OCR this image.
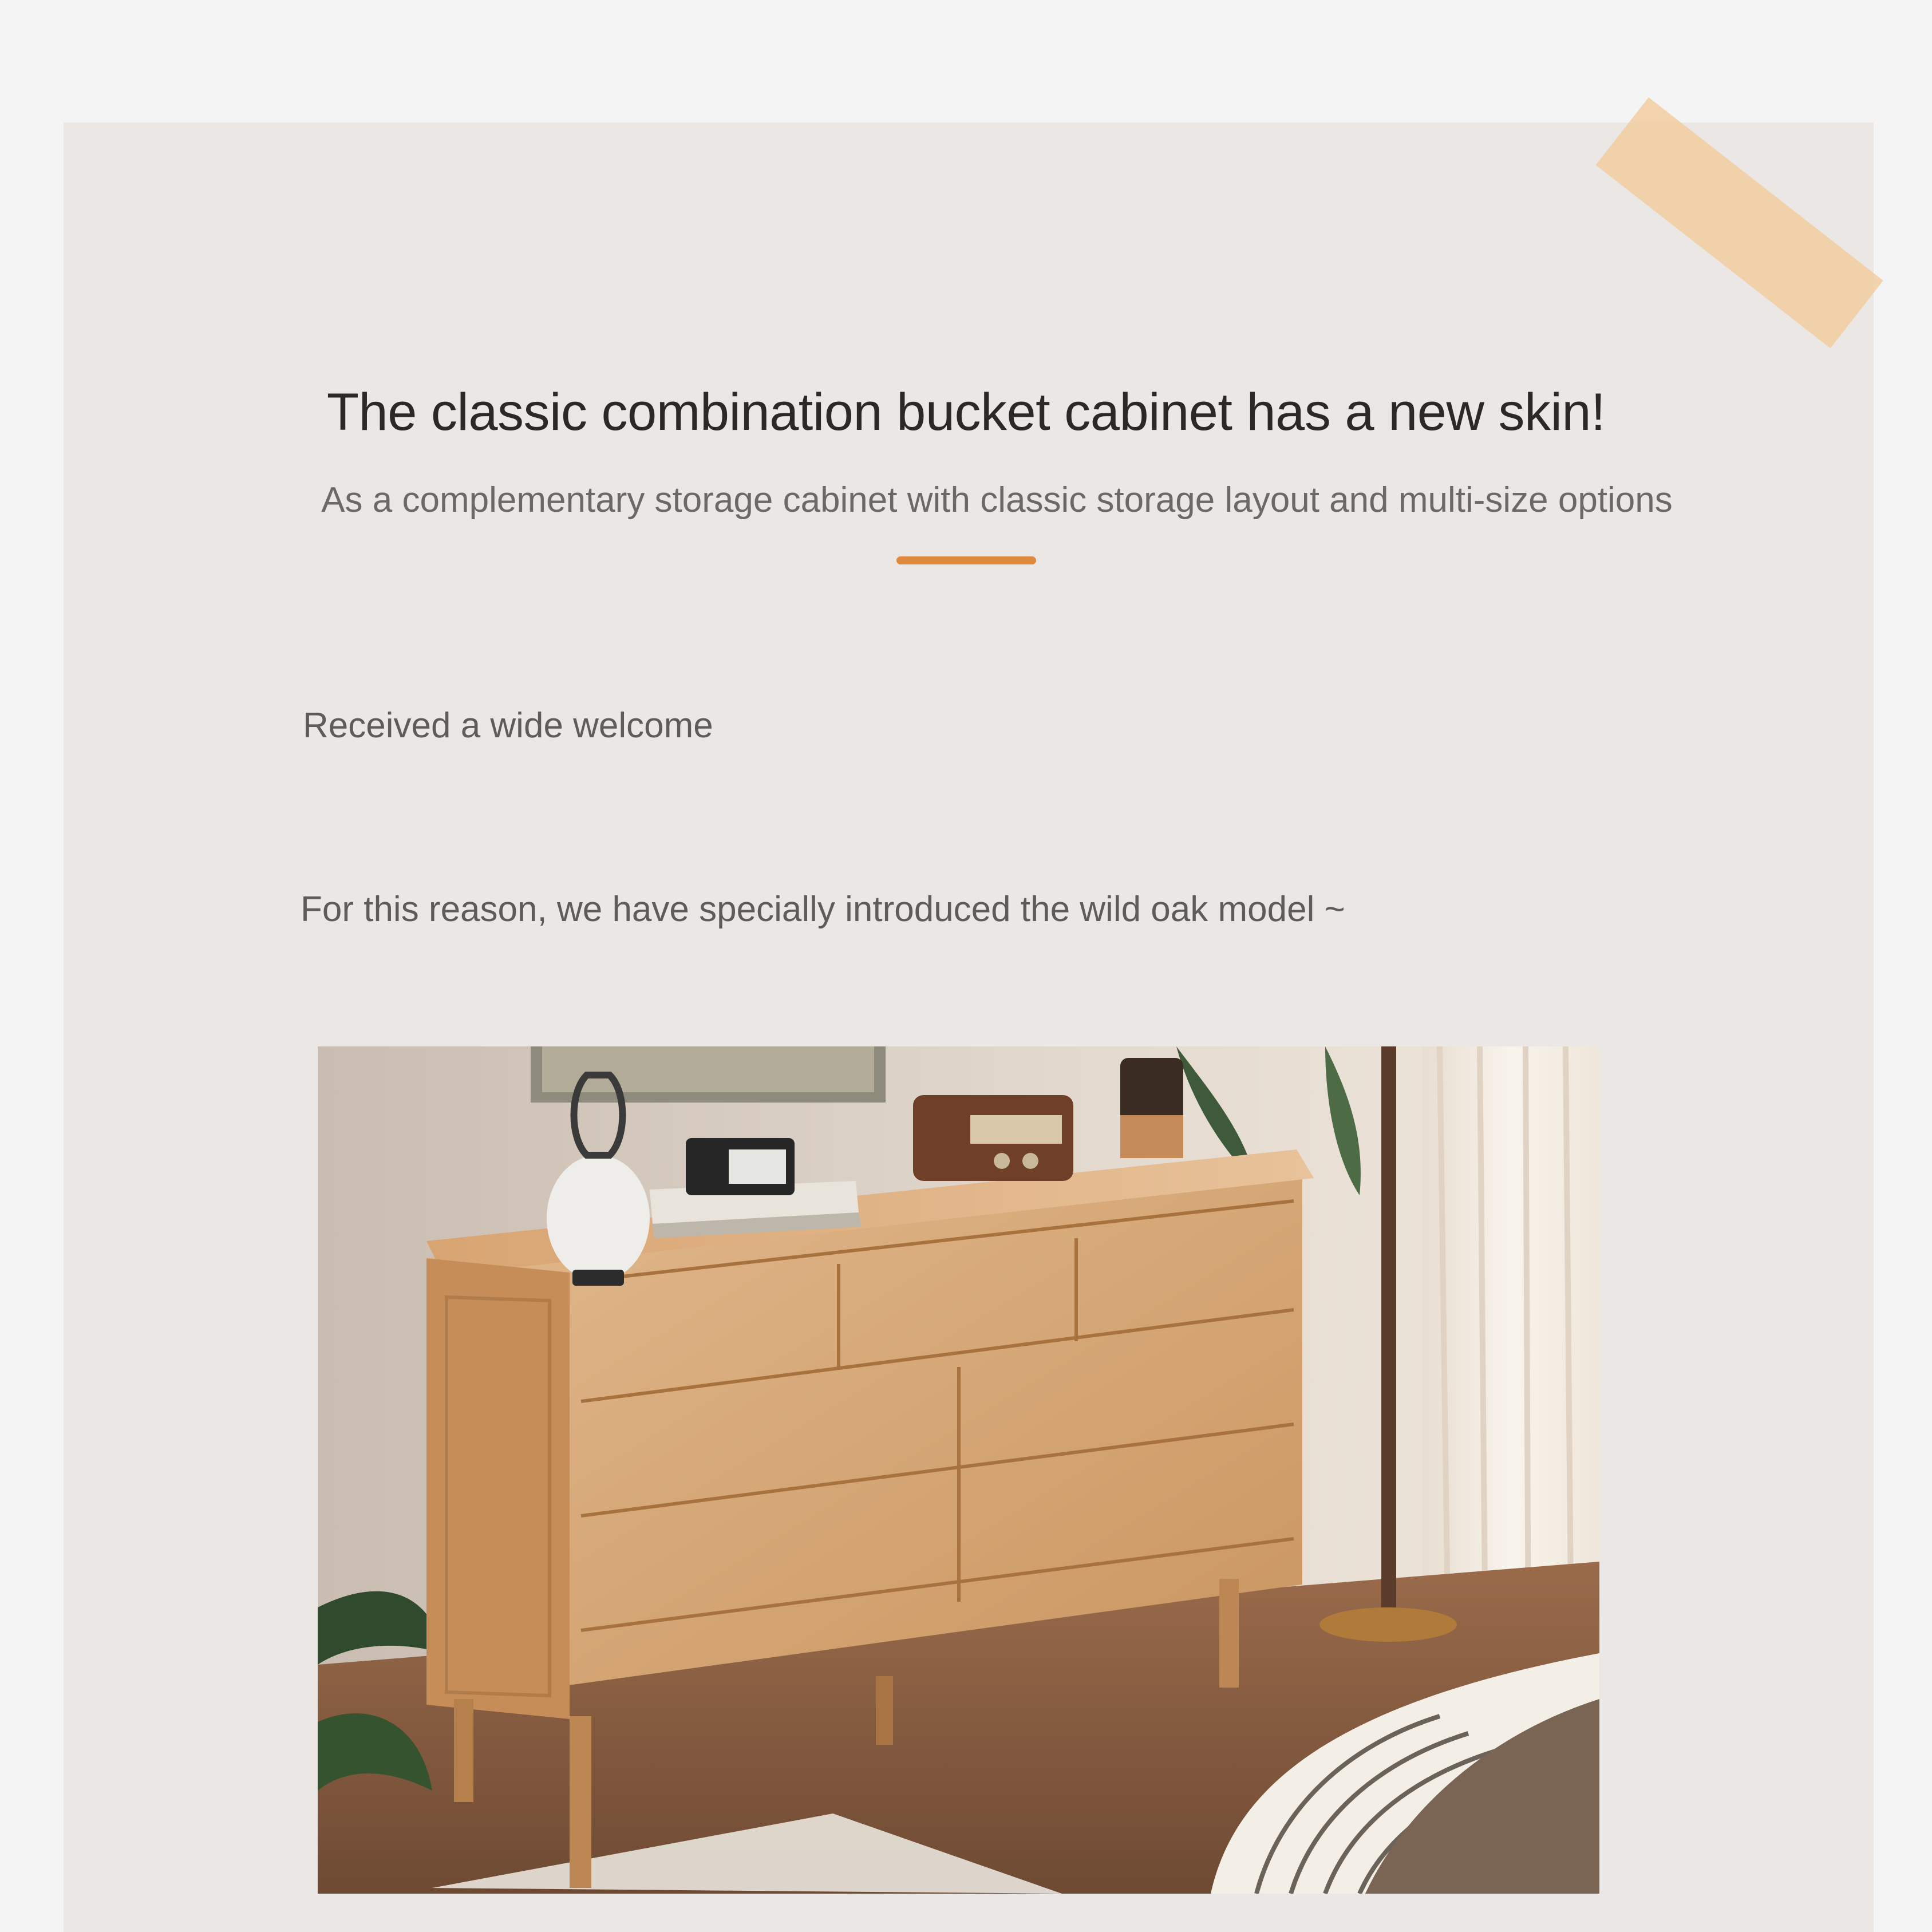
The classic combination bucket cabinet has a new skin!
As a complementary storage cabinet with classic storage layout and multi-size options
Received a wide welcome
For this reason, we have specially introduced the wild oak model ~
